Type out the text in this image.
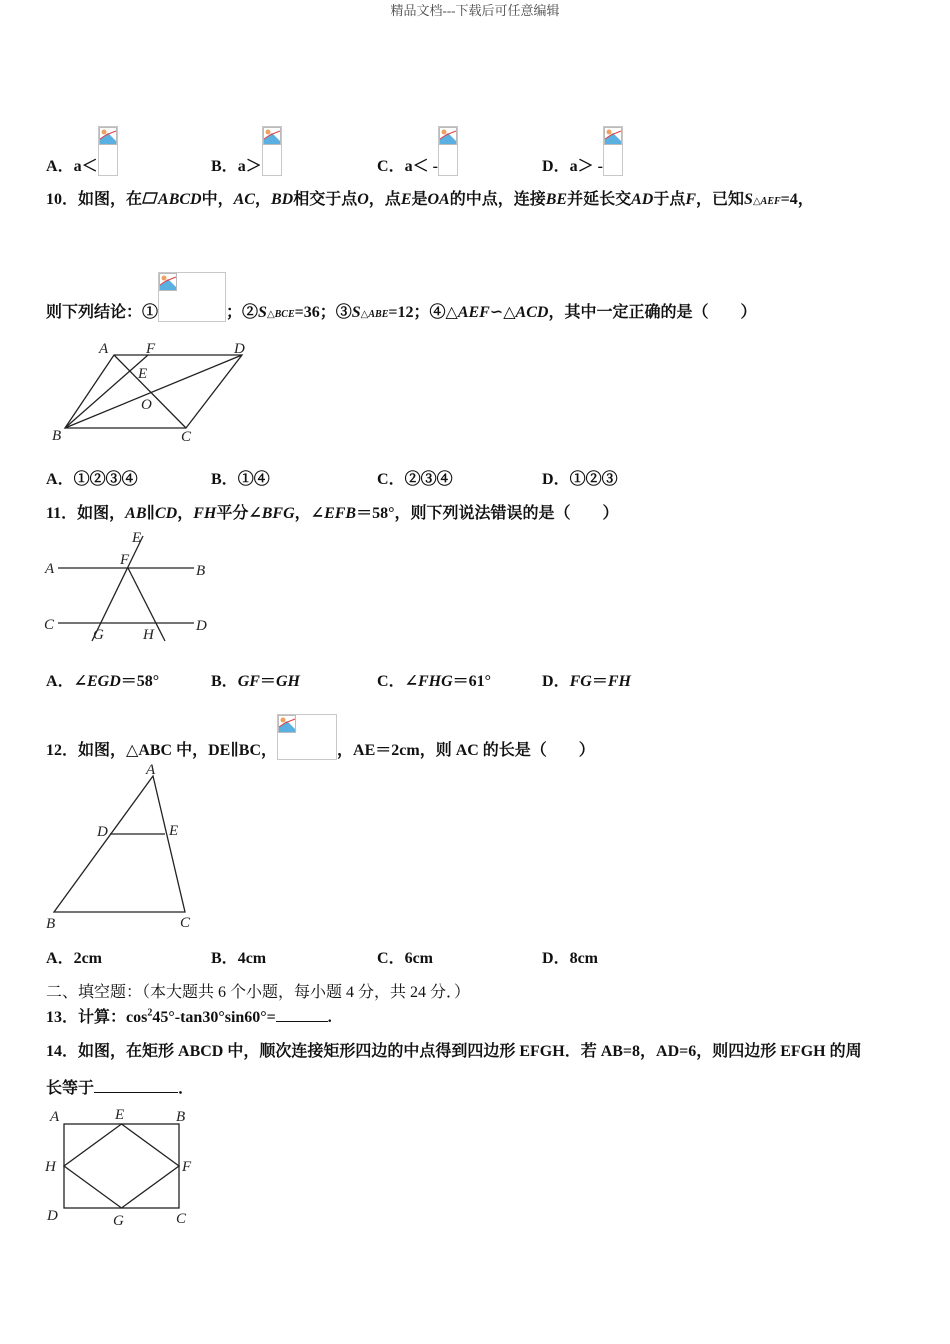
精品文档---下载后可任意编辑
A．a＜	B．a＞	C．a＜ -	D．a＞ -
10．如图，在 ABCD中，AC，BD相交于点O，点E是OA的中点，连接BE并延长交AD于点F，已知S△AEF=4，
则下列结论：①	；②S△BCE=36；③S△ABE=12；④△AEF∽△ACD，其中一定正确的是（　　）
A	F	D
E
O
B	C
A．①②③④	B．①④	C．②③④	D．①②③
11．如图，AB∥CD，FH平分∠BFG，∠EFB＝58°，则下列说法错误的是（　　）
E
F
A	B
C
G	H
D
A．∠EGD＝58°	B．GF＝GH	C．∠FHG＝61°	D．FG＝FH
12．如图，△ABC 中，DE∥BC，	，AE＝2cm，则 AC 的长是（　　）
A
D	E
B	C
A．2cm	B．4cm	C．6cm	D．8cm
二、填空题：（本大题共 6 个小题，每小题 4 分，共 24 分．）
13．计算：$\cos^245^\circ-\tan 30^\circ\sin 60^\circ=$	.
14．如图，在矩形 ABCD 中，顺次连接矩形四边的中点得到四边形 EFGH．若 AB=8，AD=6，则四边形 EFGH 的周
长等于	．
A	E	B
H	F
D	G	C
